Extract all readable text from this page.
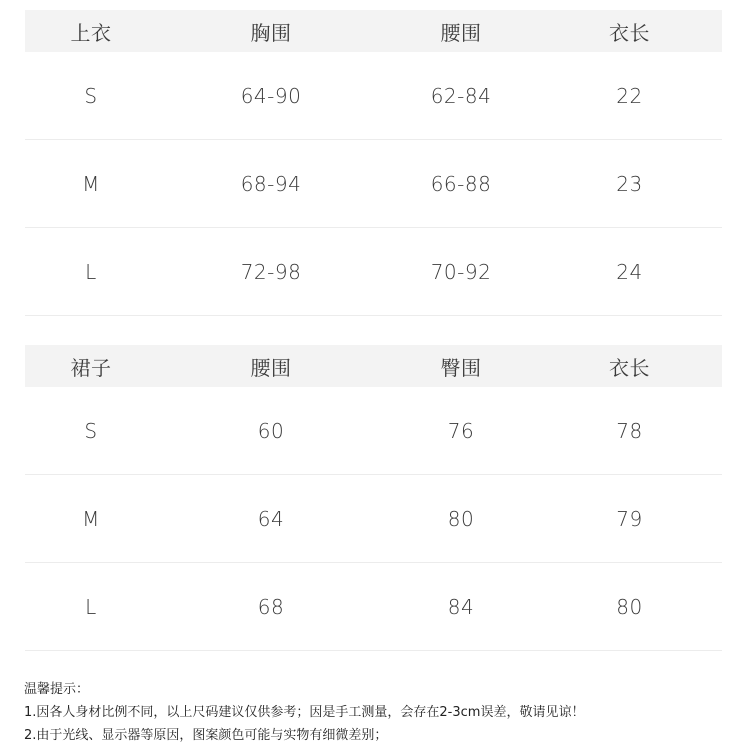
上衣	胸围	腰围	衣长
S	64-90	62-84	22
M	68-94	66-88	23
L	72-98	70-92	24
裙子	腰围	臀围	衣长
S	60	76	78
M	64	80	79
L	68	84	80
温馨提示：
1.因各人身材比例不同，以上尺码建议仅供参考；因是手工测量，会存在2-3cm误差，敬请见谅！
2.由于光线、显示器等原因，图案颜色可能与实物有细微差别；
